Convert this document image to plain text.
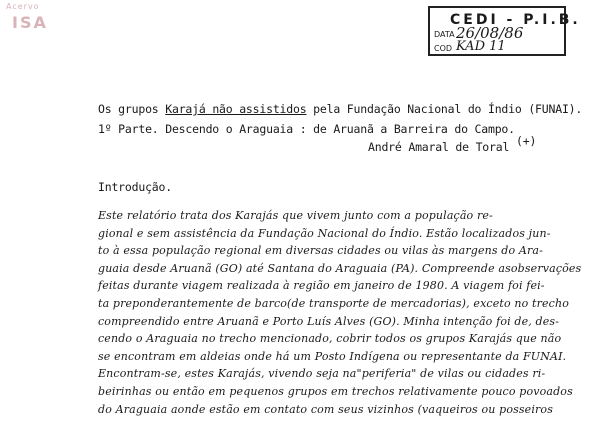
Acervo
ISA	CEDI - P.I.B.
DATA 26/08/86
COD KAD 11
Os grupos Karajá não assistidos pela Fundação Nacional do Índio (FUNAI).
1º Parte. Descendo o Araguaia : de Aruanã a Barreira do Campo.
André Amaral de Toral (+)
Introdução.
Este relatório trata dos Karajás que vivem junto com a população re-
gional e sem assistência da Fundação Nacional do Índio. Estão localizados jun-
to à essa população regional em diversas cidades ou vilas às margens do Ara-
guaia desde Aruanã (GO) até Santana do Araguaia (PA). Compreende asobservações
feitas durante viagem realizada à região em janeiro de 1980. A viagem foi fei-
ta preponderantemente de barco(de transporte de mercadorias), exceto no trecho
compreendido entre Aruanã e Porto Luís Alves (GO). Minha intenção foi de, des-
cendo o Araguaia no trecho mencionado, cobrir todos os grupos Karajás que não
se encontram em aldeias onde há um Posto Indígena ou representante da FUNAI.
Encontram-se, estes Karajás, vivendo seja na"periferia" de vilas ou cidades ri-
beirinhas ou então em pequenos grupos em trechos relativamente pouco povoados
do Araguaia aonde estão em contato com seus vizinhos (vaqueiros ou posseiros
